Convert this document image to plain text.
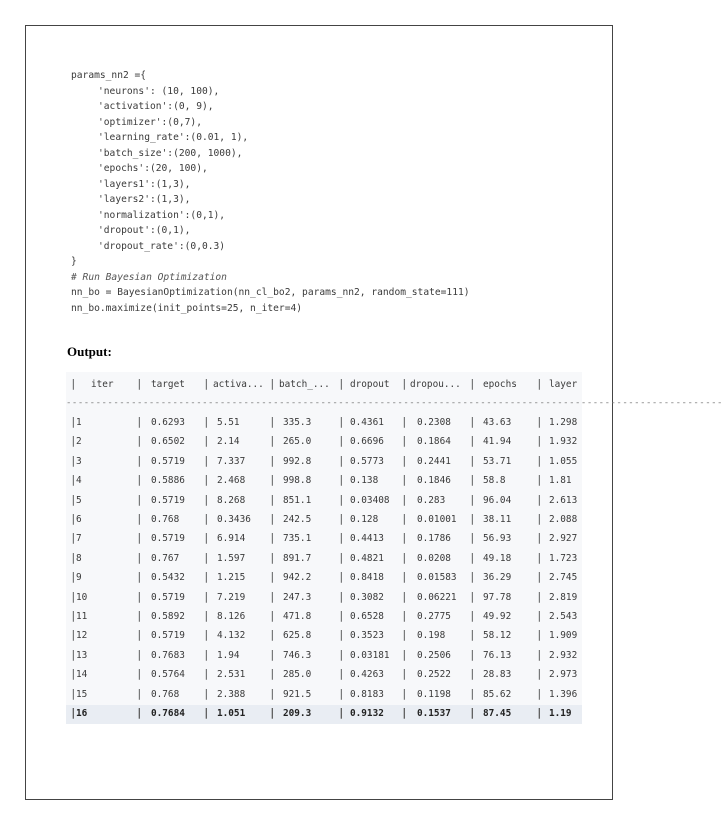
params_nn2 ={
'neurons': (10, 100),
'activation':(0, 9),
'optimizer':(0,7),
'learning_rate':(0.01, 1),
'batch_size':(200, 1000),
'epochs':(20, 100),
'layers1':(1,3),
'layers2':(1,3),
'normalization':(0,1),
'dropout':(0,1),
'dropout_rate':(0,0.3)
}
# Run Bayesian Optimization
nn_bo = BayesianOptimization(nn_cl_bo2, params_nn2, random_state=111)
nn_bo.maximize(init_points=25, n_iter=4)
Output:
| iter | target | activa... | batch_... | dropout | dropou... | epochs | layer
---------------------------------------------------------------------------------------------------------------
| 1	| 0.6293 | 5.51	| 335.3 | 0.4361 | 0.2308 | 43.63 | 1.298
| 2	| 0.6502 | 2.14	| 265.0 | 0.6696 | 0.1864 | 41.94 | 1.932
| 3	| 0.5719 | 7.337 | 992.8 | 0.5773 | 0.2441 | 53.71 | 1.055
| 4	| 0.5886 | 2.468 | 998.8 | 0.138 | 0.1846 | 58.8	| 1.81
| 5	| 0.5719 | 8.268 | 851.1 | 0.03408 | 0.283 | 96.04 | 2.613
| 6	| 0.768 | 0.3436 | 242.5 | 0.128 | 0.01001 | 38.11 | 2.088
| 7	| 0.5719 | 6.914 | 735.1 | 0.4413 | 0.1786 | 56.93 | 2.927
| 8	| 0.767 | 1.597 | 891.7 | 0.4821 | 0.0208 | 49.18 | 1.723
| 9	| 0.5432 | 1.215 | 942.2 | 0.8418 | 0.01583 | 36.29 | 2.745
| 10	| 0.5719 | 7.219 | 247.3 | 0.3082 | 0.06221 | 97.78 | 2.819
| 11	| 0.5892 | 8.126 | 471.8 | 0.6528 | 0.2775 | 49.92 | 2.543
| 12	| 0.5719 | 4.132 | 625.8 | 0.3523 | 0.198 | 58.12 | 1.909
| 13	| 0.7683 | 1.94	| 746.3 | 0.03181 | 0.2506 | 76.13 | 2.932
| 14	| 0.5764 | 2.531 | 285.0 | 0.4263 | 0.2522 | 28.83 | 2.973
| 15	| 0.768 | 2.388 | 921.5 | 0.8183 | 0.1198 | 85.62 | 1.396
| 16	| 0.7684 | 1.051 | 209.3 | 0.9132 | 0.1537 | 87.45 | 1.19
